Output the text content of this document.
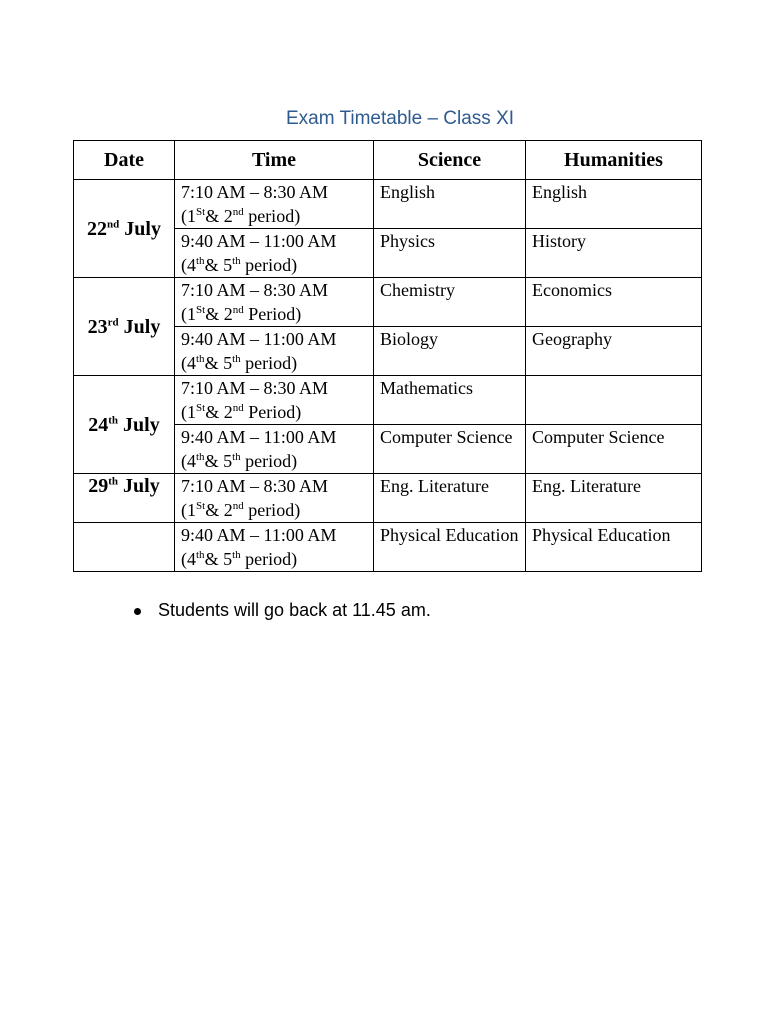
Exam Timetable – Class XI
Date	Time	Science	Humanities
22nd July	7:10 AM – 8:30 AM
(1St& 2nd period)	English	English
	9:40 AM – 11:00 AM
(4th& 5th period)	Physics	History
23rd July	7:10 AM – 8:30 AM
(1St& 2nd Period)	Chemistry	Economics
	9:40 AM – 11:00 AM
(4th& 5th period)	Biology	Geography
24th July	7:10 AM – 8:30 AM
(1St& 2nd Period)	Mathematics	
	9:40 AM – 11:00 AM
(4th& 5th period)	Computer Science	Computer Science
29th July	7:10 AM – 8:30 AM
(1St& 2nd period)	Eng. Literature	Eng. Literature
	9:40 AM – 11:00 AM
(4th& 5th period)	Physical Education	Physical Education
Students will go back at 11.45 am.
